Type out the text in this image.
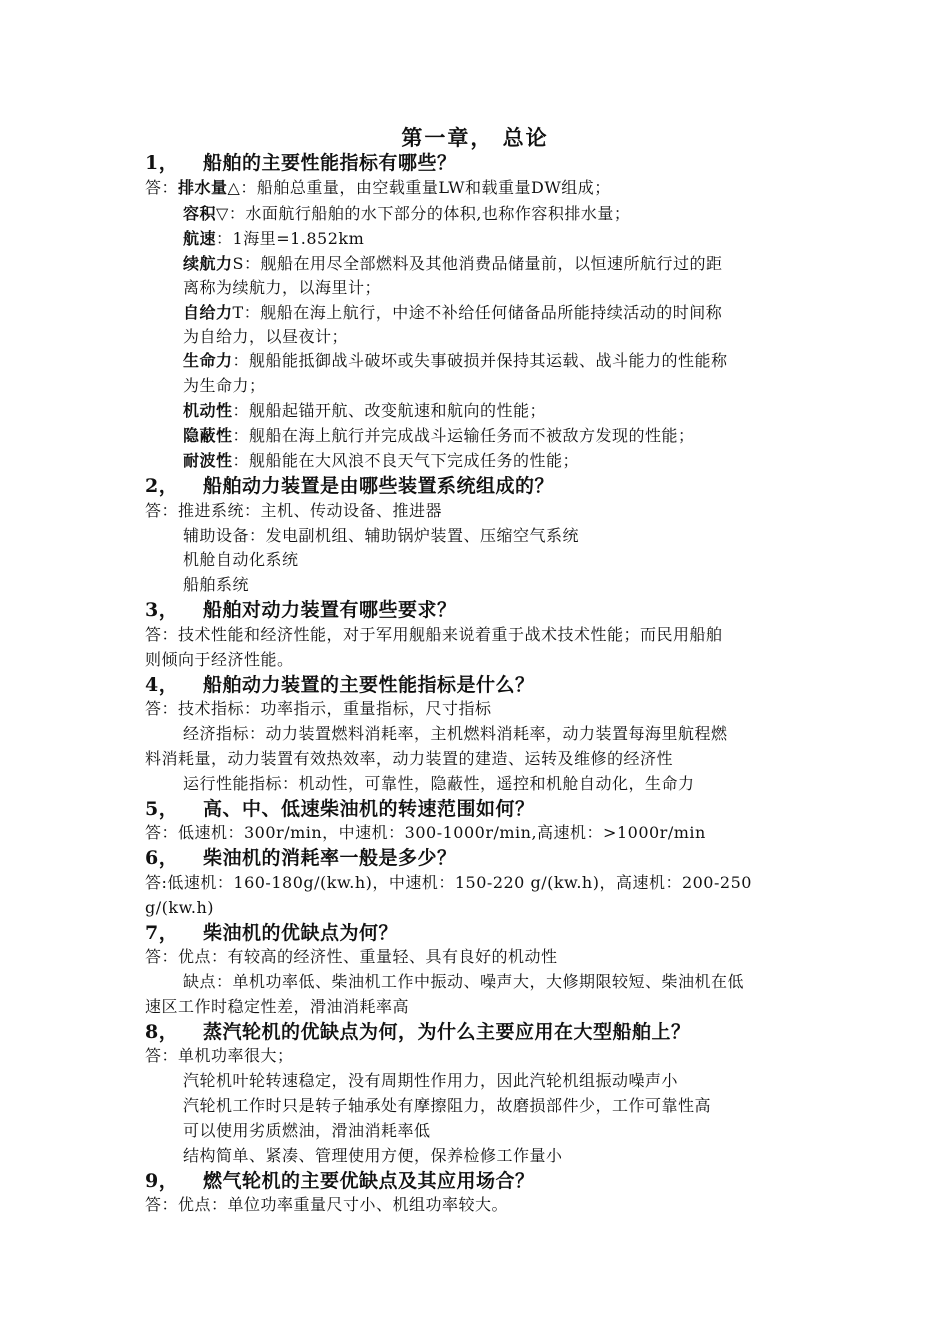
第一章， 总论
1， 船舶的主要性能指标有哪些？
答：排水量△：船舶总重量，由空载重量LW和载重量DW组成；
容积▽：水面航行船舶的水下部分的体积,也称作容积排水量；
航速：1海里=1.852km
续航力S：舰船在用尽全部燃料及其他消费品储量前，以恒速所航行过的距
离称为续航力，以海里计；
自给力T：舰船在海上航行，中途不补给任何储备品所能持续活动的时间称
为自给力，以昼夜计；
生命力：舰船能抵御战斗破坏或失事破损并保持其运载、战斗能力的性能称
为生命力；
机动性：舰船起锚开航、改变航速和航向的性能；
隐蔽性：舰船在海上航行并完成战斗运输任务而不被敌方发现的性能；
耐波性：舰船能在大风浪不良天气下完成任务的性能；
2， 船舶动力装置是由哪些装置系统组成的？
答：推进系统：主机、传动设备、推进器
辅助设备：发电副机组、辅助锅炉装置、压缩空气系统
机舱自动化系统
船舶系统
3， 船舶对动力装置有哪些要求？
答：技术性能和经济性能，对于军用舰船来说着重于战术技术性能；而民用船舶
则倾向于经济性能。
4， 船舶动力装置的主要性能指标是什么？
答：技术指标：功率指示，重量指标，尺寸指标
经济指标：动力装置燃料消耗率，主机燃料消耗率，动力装置每海里航程燃
料消耗量，动力装置有效热效率，动力装置的建造、运转及维修的经济性
运行性能指标：机动性，可靠性，隐蔽性，遥控和机舱自动化，生命力
5， 高、中、低速柴油机的转速范围如何？
答：低速机：300r/min，中速机：300-1000r/min,高速机：>1000r/min
6， 柴油机的消耗率一般是多少？
答:低速机：160-180g/(kw.h)，中速机：150-220 g/(kw.h)，高速机：200-250
g/(kw.h)
7， 柴油机的优缺点为何？
答：优点：有较高的经济性、重量轻、具有良好的机动性
缺点：单机功率低、柴油机工作中振动、噪声大，大修期限较短、柴油机在低
速区工作时稳定性差，滑油消耗率高
8， 蒸汽轮机的优缺点为何，为什么主要应用在大型船舶上？
答：单机功率很大；
汽轮机叶轮转速稳定，没有周期性作用力，因此汽轮机组振动噪声小
汽轮机工作时只是转子轴承处有摩擦阻力，故磨损部件少，工作可靠性高
可以使用劣质燃油，滑油消耗率低
结构简单、紧凑、管理使用方便，保养检修工作量小
9， 燃气轮机的主要优缺点及其应用场合？
答：优点：单位功率重量尺寸小、机组功率较大。
